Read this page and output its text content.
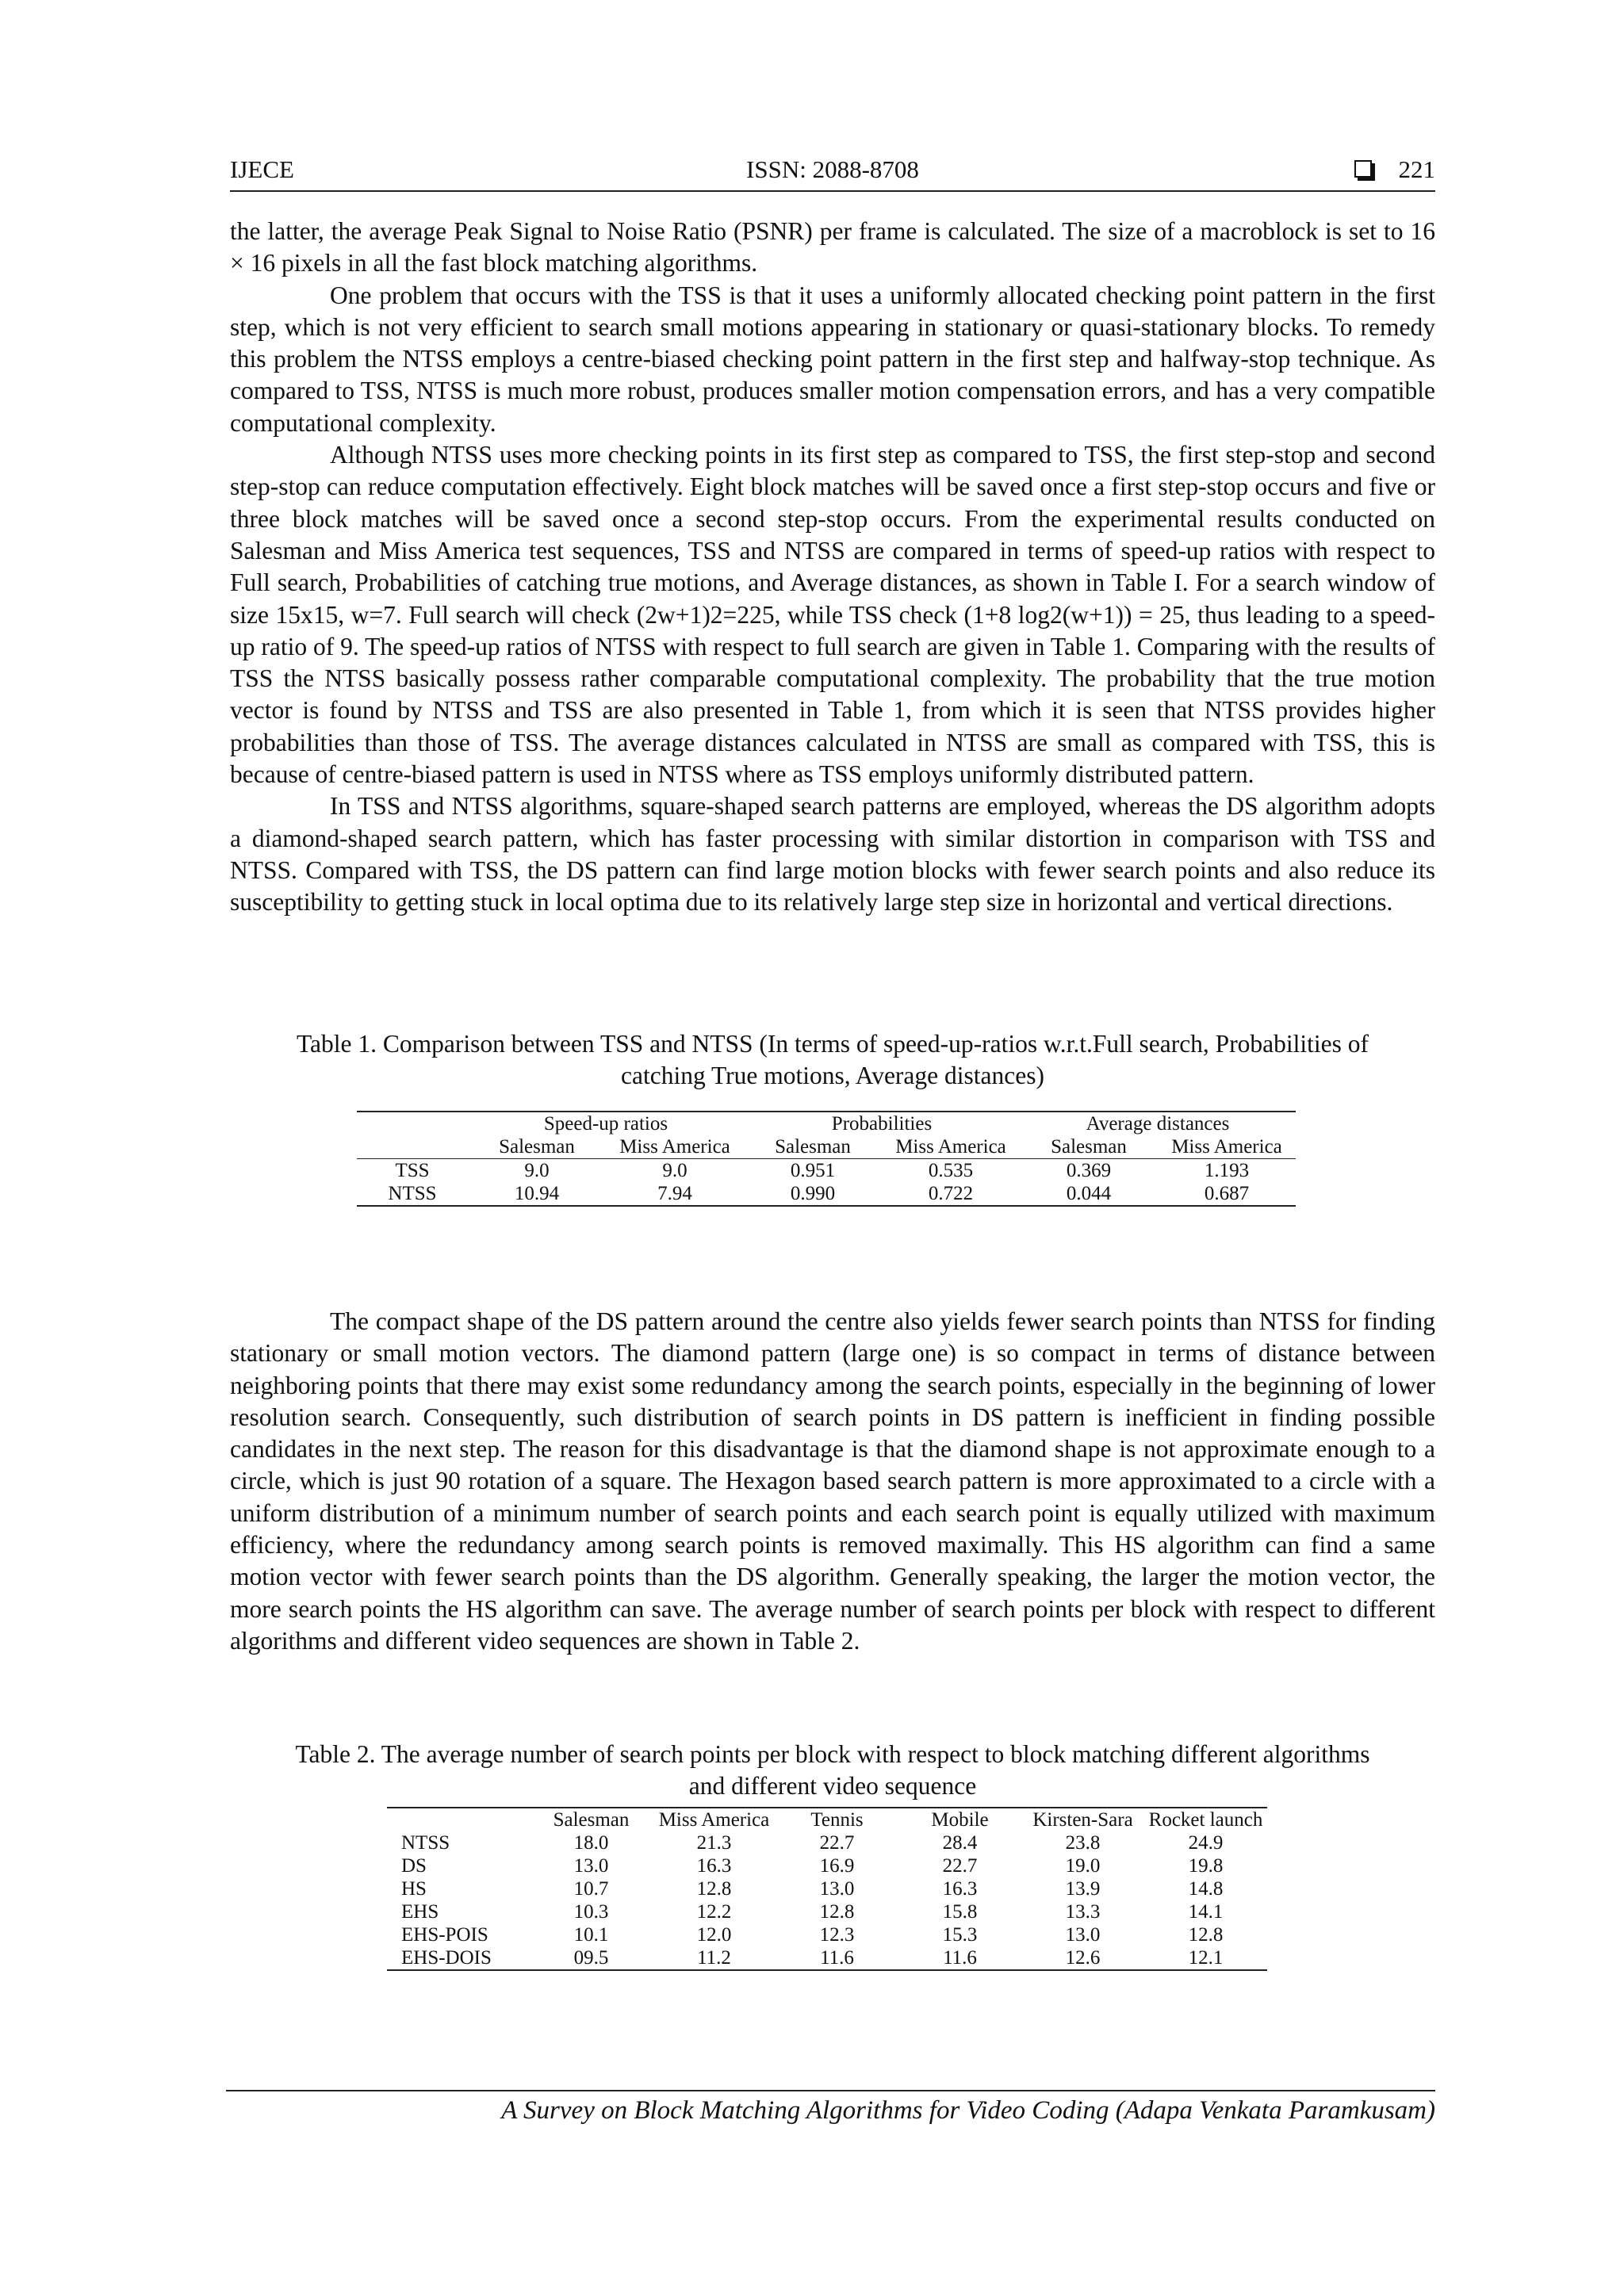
IJECE	ISSN: 2088-8708	221

the latter, the average Peak Signal to Noise Ratio (PSNR) per frame is calculated. The size of a macroblock is set to 16 × 16 pixels in all the fast block matching algorithms.

One problem that occurs with the TSS is that it uses a uniformly allocated checking point pattern in the first step, which is not very efficient to search small motions appearing in stationary or quasi-stationary blocks. To remedy this problem the NTSS employs a centre-biased checking point pattern in the first step and halfway-stop technique. As compared to TSS, NTSS is much more robust, produces smaller motion compensation errors, and has a very compatible computational complexity.

Although NTSS uses more checking points in its first step as compared to TSS, the first step-stop and second step-stop can reduce computation effectively. Eight block matches will be saved once a first step-stop occurs and five or three block matches will be saved once a second step-stop occurs. From the experimental results conducted on Salesman and Miss America test sequences, TSS and NTSS are compared in terms of speed-up ratios with respect to Full search, Probabilities of catching true motions, and Average distances, as shown in Table I. For a search window of size 15x15, w=7. Full search will check (2w+1)2=225, while TSS check (1+8 log2(w+1)) = 25, thus leading to a speed-up ratio of 9. The speed-up ratios of NTSS with respect to full search are given in Table 1. Comparing with the results of TSS the NTSS basically possess rather comparable computational complexity. The probability that the true motion vector is found by NTSS and TSS are also presented in Table 1, from which it is seen that NTSS provides higher probabilities than those of TSS. The average distances calculated in NTSS are small as compared with TSS, this is because of centre-biased pattern is used in NTSS where as TSS employs uniformly distributed pattern.

In TSS and NTSS algorithms, square-shaped search patterns are employed, whereas the DS algorithm adopts a diamond-shaped search pattern, which has faster processing with similar distortion in comparison with TSS and NTSS. Compared with TSS, the DS pattern can find large motion blocks with fewer search points and also reduce its susceptibility to getting stuck in local optima due to its relatively large step size in horizontal and vertical directions.

Table 1. Comparison between TSS and NTSS (In terms of speed-up-ratios w.r.t.Full search, Probabilities of
catching True motions, Average distances)
	Speed-up ratios		Probabilities		Average distances	
	Salesman	Miss America	Salesman	Miss America	Salesman	Miss America
TSS	9.0	9.0	0.951	0.535	0.369	1.193
NTSS	10.94	7.94	0.990	0.722	0.044	0.687

The compact shape of the DS pattern around the centre also yields fewer search points than NTSS for finding stationary or small motion vectors. The diamond pattern (large one) is so compact in terms of distance between neighboring points that there may exist some redundancy among the search points, especially in the beginning of lower resolution search. Consequently, such distribution of search points in DS pattern is inefficient in finding possible candidates in the next step. The reason for this disadvantage is that the diamond shape is not approximate enough to a circle, which is just 90 rotation of a square. The Hexagon based search pattern is more approximated to a circle with a uniform distribution of a minimum number of search points and each search point is equally utilized with maximum efficiency, where the redundancy among search points is removed maximally. This HS algorithm can find a same motion vector with fewer search points than the DS algorithm. Generally speaking, the larger the motion vector, the more search points the HS algorithm can save. The average number of search points per block with respect to different algorithms and different video sequences are shown in Table 2.

Table 2. The average number of search points per block with respect to block matching different algorithms
and different video sequence
	Salesman	Miss America	Tennis	Mobile	Kirsten-Sara	Rocket launch
NTSS	18.0	21.3	22.7	28.4	23.8	24.9
DS	13.0	16.3	16.9	22.7	19.0	19.8
HS	10.7	12.8	13.0	16.3	13.9	14.8
EHS	10.3	12.2	12.8	15.8	13.3	14.1
EHS-POIS	10.1	12.0	12.3	15.3	13.0	12.8
EHS-DOIS	09.5	11.2	11.6	11.6	12.6	12.1
A Survey on Block Matching Algorithms for Video Coding (Adapa Venkata Paramkusam)
